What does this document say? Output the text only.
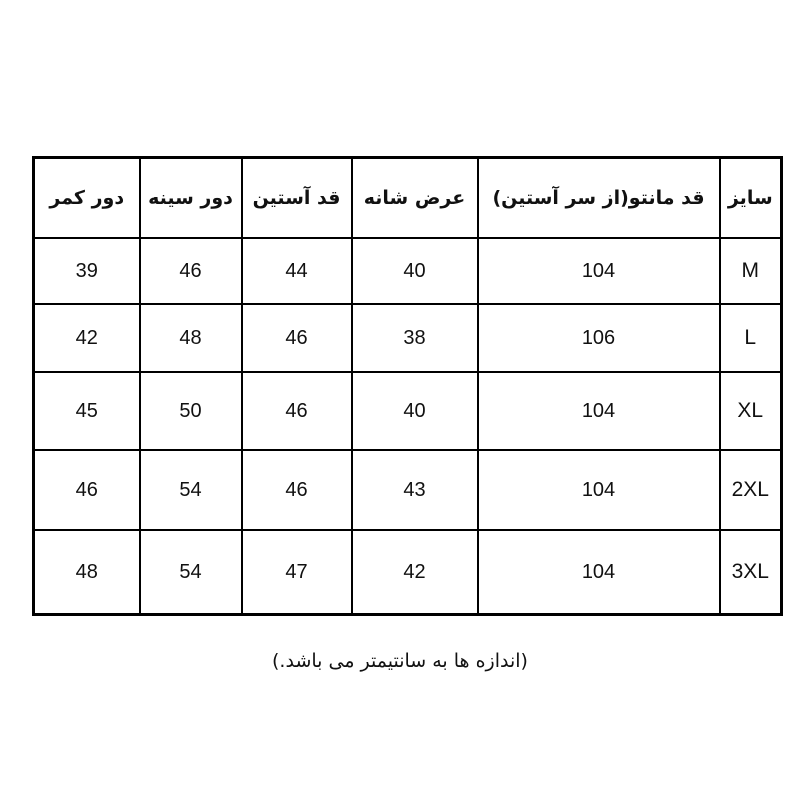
سایز	قد مانتو(از سر آستین)	عرض شانه	قد آستین	دور سینه	دور کمر
M	104	40	44	46	39
L	106	38	46	48	42
XL	104	40	46	50	45
2XL	104	43	46	54	46
3XL	104	42	47	54	48
(اندازه ها به سانتیمتر می باشد.)
